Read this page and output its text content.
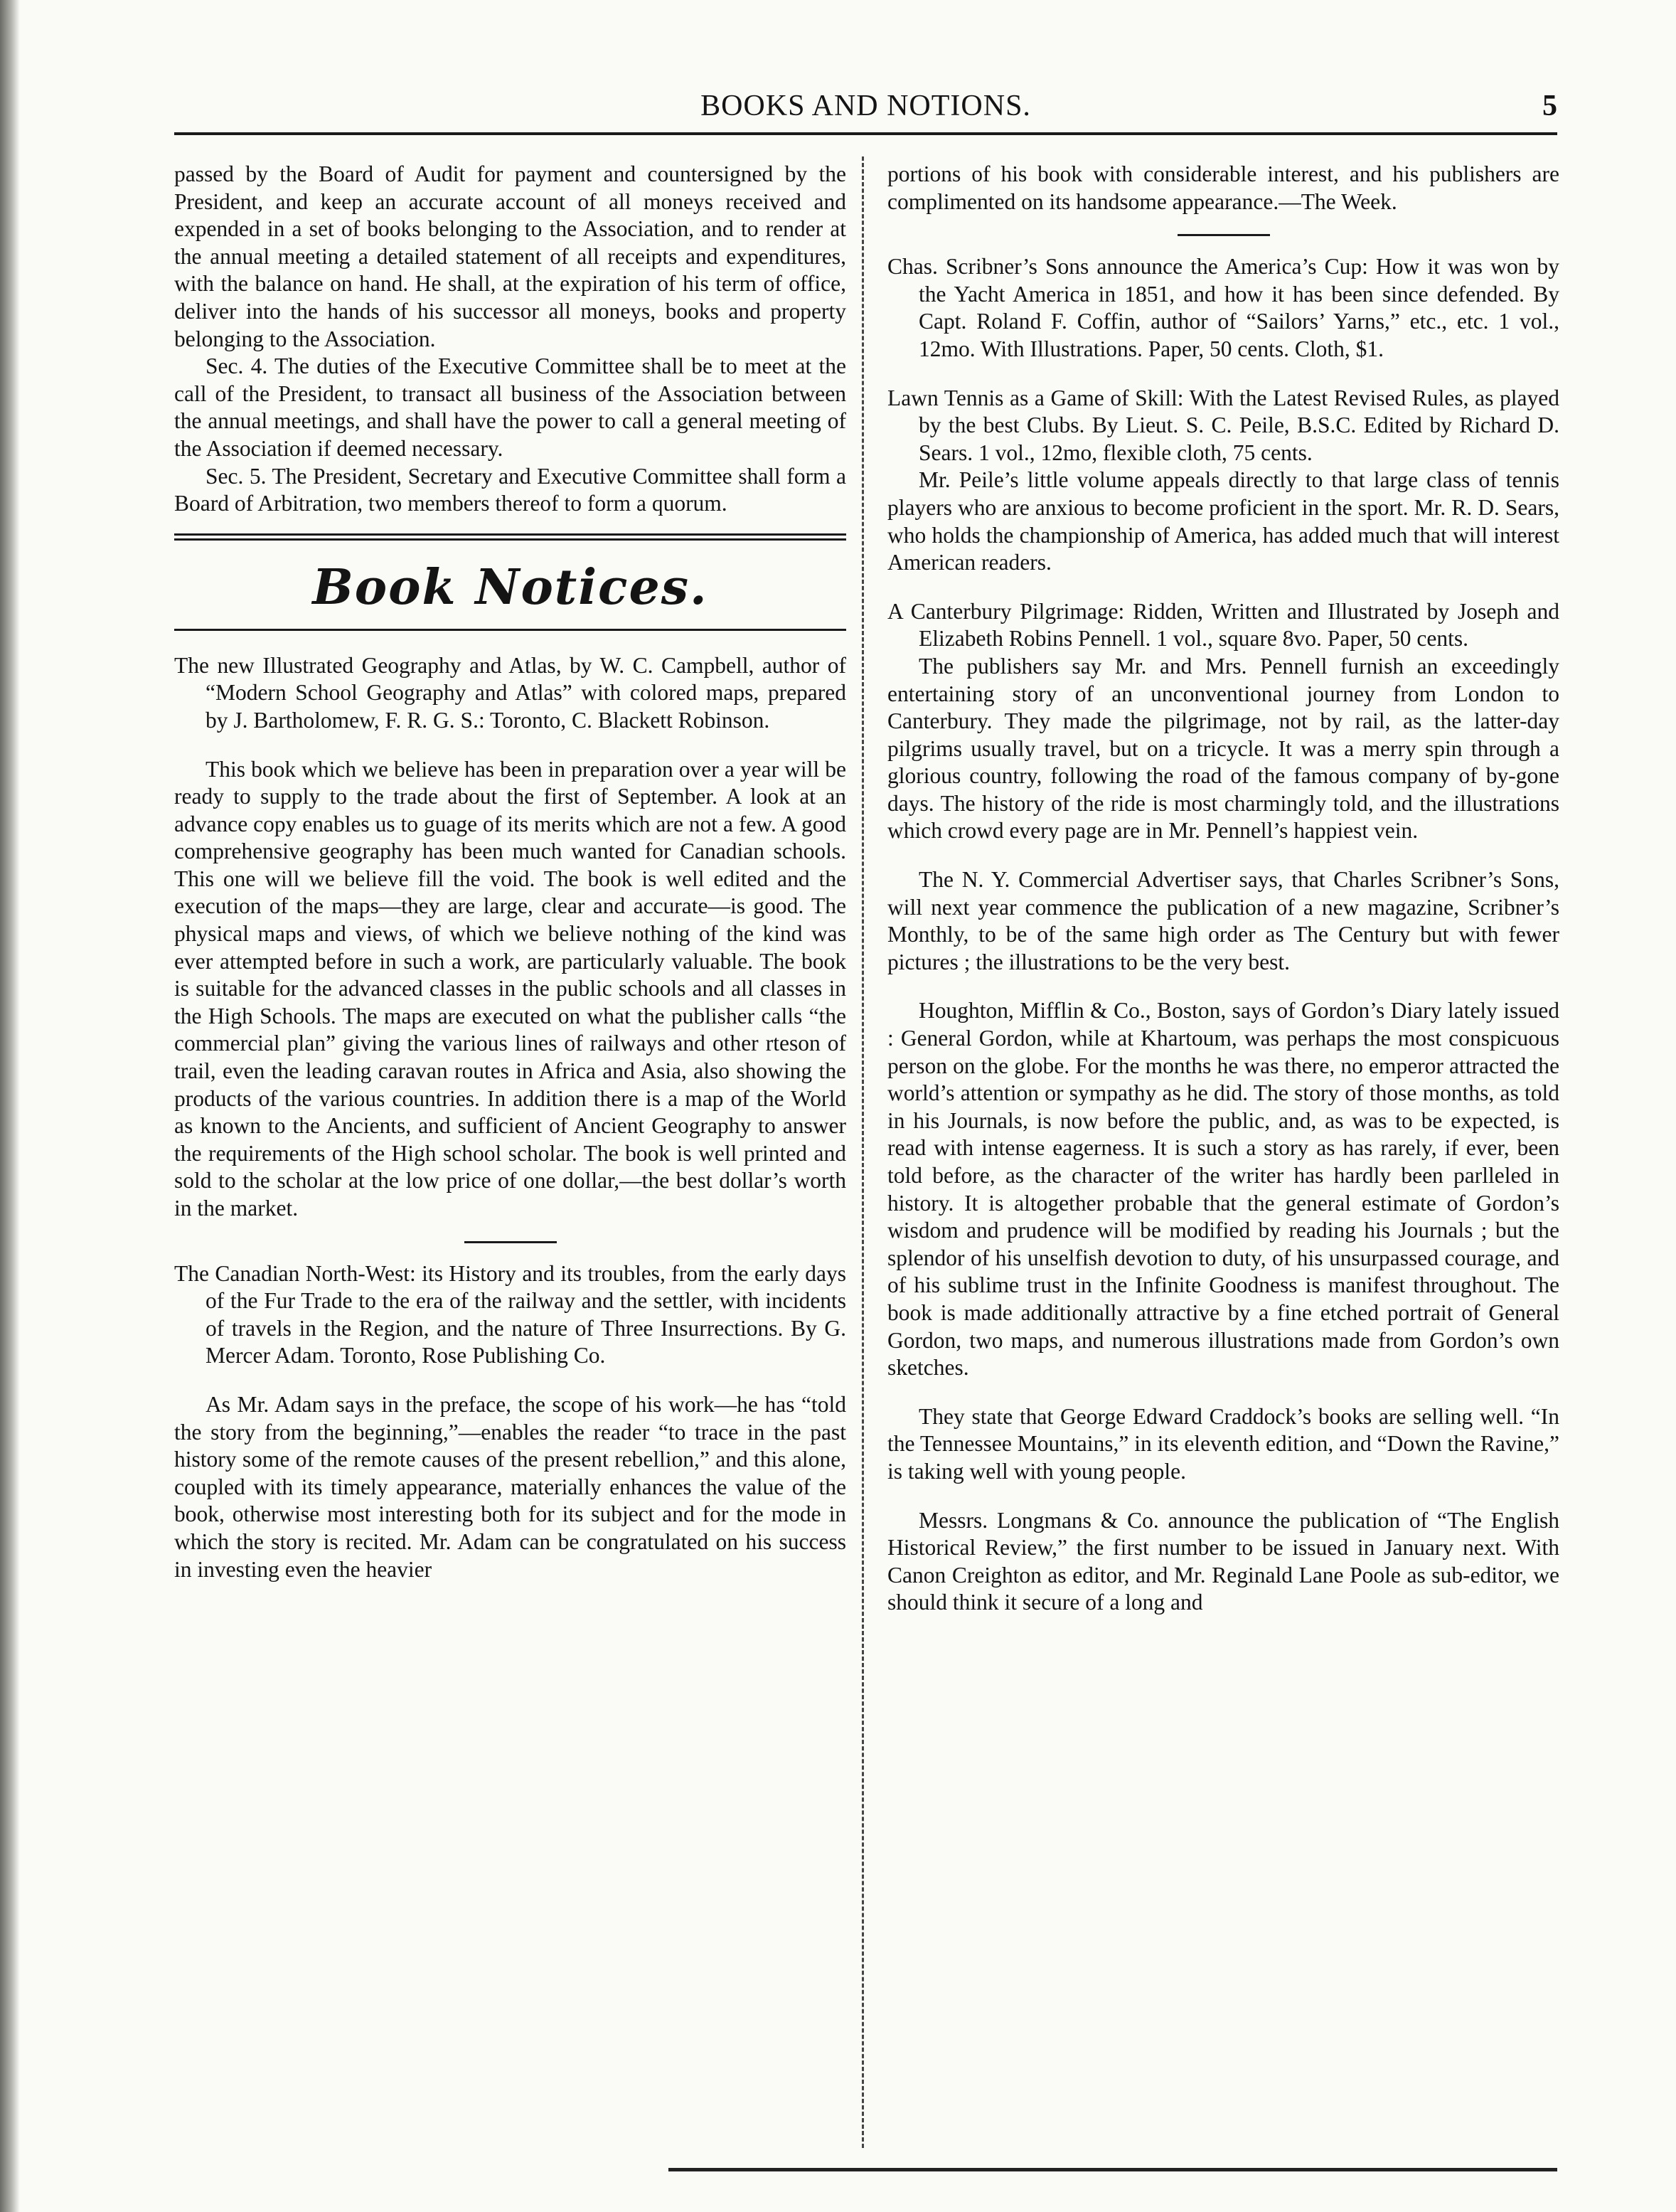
BOOKS AND NOTIONS.	5

passed by the Board of Audit for payment and countersigned by the President, and keep an accurate account of all moneys received and expended in a set of books belonging to the Association, and to render at the annual meeting a detailed statement of all receipts and expenditures, with the balance on hand. He shall, at the expiration of his term of office, deliver into the hands of his successor all moneys, books and property belonging to the Association.

Sec. 4. The duties of the Executive Committee shall be to meet at the call of the President, to transact all business of the Association between the annual meetings, and shall have the power to call a general meeting of the Association if deemed necessary.

Sec. 5. The President, Secretary and Executive Committee shall form a Board of Arbitration, two members thereof to form a quorum.

Book Notices.

The new Illustrated Geography and Atlas, by W. C. Campbell, author of “Modern School Geography and Atlas” with colored maps, prepared by J. Bartholomew, F. R. G. S.: Toronto, C. Blackett Robinson.

This book which we believe has been in preparation over a year will be ready to supply to the trade about the first of September. A look at an advance copy enables us to guage of its merits which are not a few. A good comprehensive geography has been much wanted for Canadian schools. This one will we believe fill the void. The book is well edited and the execution of the maps—they are large, clear and accurate—is good. The physical maps and views, of which we believe nothing of the kind was ever attempted before in such a work, are particularly valuable. The book is suitable for the advanced classes in the public schools and all classes in the High Schools. The maps are executed on what the publisher calls “the commercial plan” giving the various lines of railways and other rteson of trail, even the leading caravan routes in Africa and Asia, also showing the products of the various countries. In addition there is a map of the World as known to the Ancients, and sufficient of Ancient Geography to answer the requirements of the High school scholar. The book is well printed and sold to the scholar at the low price of one dollar,—the best dollar’s worth in the market.

The Canadian North-West: its History and its troubles, from the early days of the Fur Trade to the era of the railway and the settler, with incidents of travels in the Region, and the nature of Three Insurrections. By G. Mercer Adam. Toronto, Rose Publishing Co.

As Mr. Adam says in the preface, the scope of his work—he has “told the story from the beginning,”—enables the reader “to trace in the past history some of the remote causes of the present rebellion,” and this alone, coupled with its timely appearance, materially enhances the value of the book, otherwise most interesting both for its subject and for the mode in which the story is recited. Mr. Adam can be congratulated on his success in investing even the heavier

portions of his book with considerable interest, and his publishers are complimented on its handsome appearance.—The Week.

Chas. Scribner’s Sons announce the America’s Cup: How it was won by the Yacht America in 1851, and how it has been since defended. By Capt. Roland F. Coffin, author of “Sailors’ Yarns,” etc., etc. 1 vol., 12mo. With Illustrations. Paper, 50 cents. Cloth, $1.

Lawn Tennis as a Game of Skill: With the Latest Revised Rules, as played by the best Clubs. By Lieut. S. C. Peile, B.S.C. Edited by Richard D. Sears. 1 vol., 12mo, flexible cloth, 75 cents.

Mr. Peile’s little volume appeals directly to that large class of tennis players who are anxious to become proficient in the sport. Mr. R. D. Sears, who holds the championship of America, has added much that will interest American readers.

A Canterbury Pilgrimage: Ridden, Written and Illustrated by Joseph and Elizabeth Robins Pennell. 1 vol., square 8vo. Paper, 50 cents.

The publishers say Mr. and Mrs. Pennell furnish an exceedingly entertaining story of an unconventional journey from London to Canterbury. They made the pilgrimage, not by rail, as the latter-day pilgrims usually travel, but on a tricycle. It was a merry spin through a glorious country, following the road of the famous company of by-gone days. The history of the ride is most charmingly told, and the illustrations which crowd every page are in Mr. Pennell’s happiest vein.

The N. Y. Commercial Advertiser says, that Charles Scribner’s Sons, will next year commence the publication of a new magazine, Scribner’s Monthly, to be of the same high order as The Century but with fewer pictures ; the illustrations to be the very best.

Houghton, Mifflin & Co., Boston, says of Gordon’s Diary lately issued : General Gordon, while at Khartoum, was perhaps the most conspicuous person on the globe. For the months he was there, no emperor attracted the world’s attention or sympathy as he did. The story of those months, as told in his Journals, is now before the public, and, as was to be expected, is read with intense eagerness. It is such a story as has rarely, if ever, been told before, as the character of the writer has hardly been parlleled in history. It is altogether probable that the general estimate of Gordon’s wisdom and prudence will be modified by reading his Journals ; but the splendor of his unselfish devotion to duty, of his unsurpassed courage, and of his sublime trust in the Infinite Goodness is manifest throughout. The book is made additionally attractive by a fine etched portrait of General Gordon, two maps, and numerous illustrations made from Gordon’s own sketches.

They state that George Edward Craddock’s books are selling well. “In the Tennessee Mountains,” in its eleventh edition, and “Down the Ravine,” is taking well with young people.

Messrs. Longmans & Co. announce the publication of “The English Historical Review,” the first number to be issued in January next. With Canon Creighton as editor, and Mr. Reginald Lane Poole as sub-editor, we should think it secure of a long and
